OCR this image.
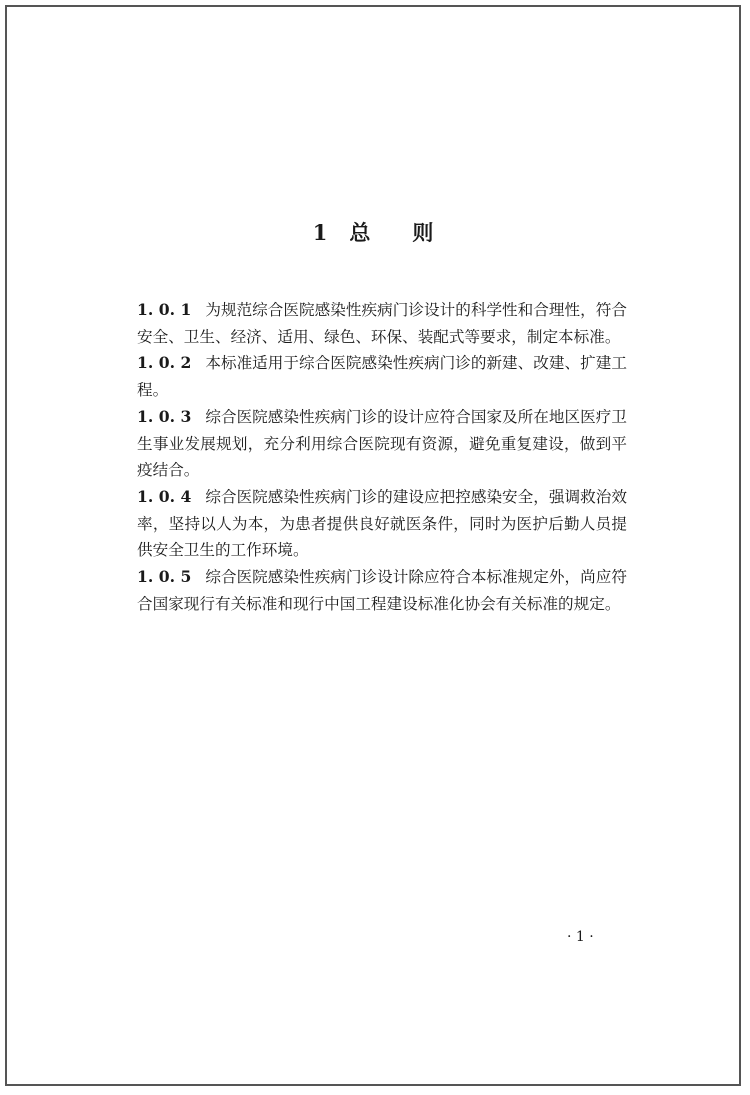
1 总 则

1. 0. 1 为规范综合医院感染性疾病门诊设计的科学性和合理性，符合安全、卫生、经济、适用、绿色、环保、装配式等要求，制定本标准。

1. 0. 2 本标准适用于综合医院感染性疾病门诊的新建、改建、扩建工程。

1. 0. 3 综合医院感染性疾病门诊的设计应符合国家及所在地区医疗卫生事业发展规划，充分利用综合医院现有资源，避免重复建设，做到平疫结合。

1. 0. 4 综合医院感染性疾病门诊的建设应把控感染安全，强调救治效率，坚持以人为本，为患者提供良好就医条件，同时为医护后勤人员提供安全卫生的工作环境。

1. 0. 5 综合医院感染性疾病门诊设计除应符合本标准规定外，尚应符合国家现行有关标准和现行中国工程建设标准化协会有关标准的规定。

· 1 ·
